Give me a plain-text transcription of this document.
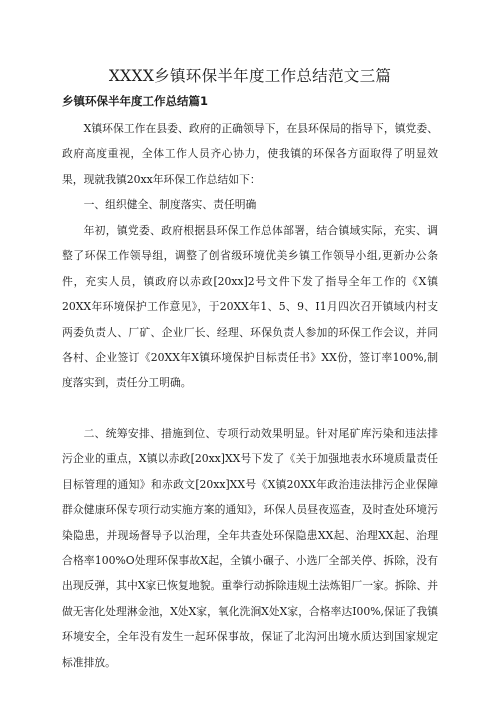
XXXX乡镇环保半年度工作总结范文三篇
乡镇环保半年度工作总结篇1

X镇环保工作在县委、政府的正确领导下，在县环保局的指导下，镇党委、政府高度重视，全体工作人员齐心协力，使我镇的环保各方面取得了明显效果，现就我镇20xx年环保工作总结如下：

一、组织健全、制度落实、责任明确

年初，镇党委、政府根据县环保工作总体部署，结合镇域实际，充实、调整了环保工作领导组，调整了创省级环境优美乡镇工作领导小组,更新办公条件，充实人员，镇政府以赤政[20xx]2号文件下发了指导全年工作的《X镇20XX年环境保护工作意见》，于20XX年1、5、9、I1月四次召开镇域内村支两委负责人、厂矿、企业厂长、经理、环保负责人参加的环保工作会议，并同各村、企业签订《20XX年X镇环境保护目标责任书》XX份，签订率100%,制度落实到，责任分工明确。

二、统筹安排、措施到位、专项行动效果明显。针对尾矿库污染和违法排污企业的重点，X镇以赤政[20xx]XX号下发了《关于加强地表水环境质量责任目标管理的通知》和赤政文[20xx]XX号《X镇20XX年政治违法排污企业保障群众健康环保专项行动实施方案的通知》，环保人员昼夜巡查，及时查处环境污染隐患，并现场督导予以治理，全年共查处环保隐患XX起、治理XX起、治理合格率100%O处理环保事故X起，全镇小碾子、小选厂全部关停、拆除，没有出现反弹，其中X家已恢复地貌。重拳行动拆除违规土法炼钼厂一家。拆除、并做无害化处理淋金池，X处X家，氧化洗涧X处X家，合格率达I00%,保证了我镇环境安全，全年没有发生一起环保事故，保证了北沟河出境水质达到国家规定标准排放。
